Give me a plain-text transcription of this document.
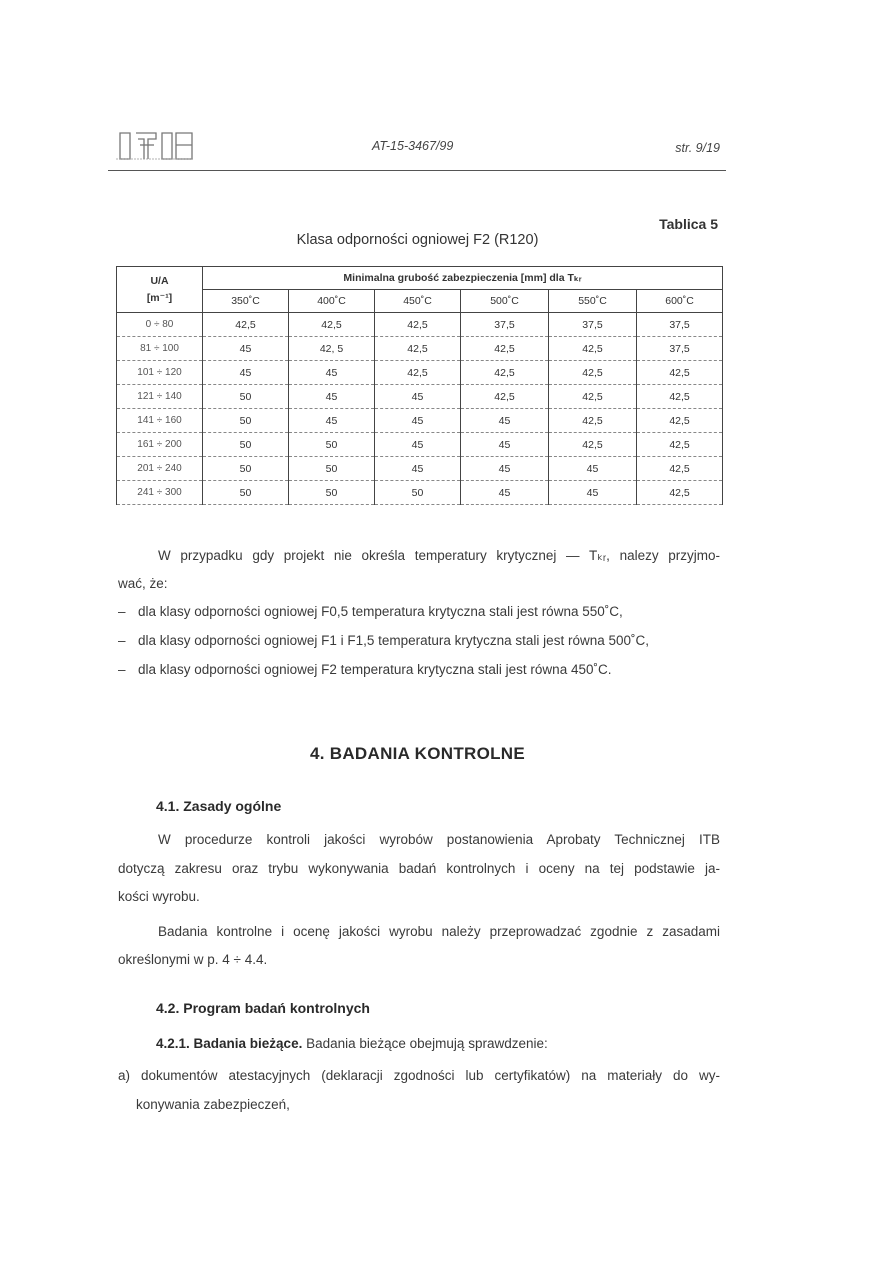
AT-15-3467/99	str. 9/19
Tablica 5
Klasa odporności ogniowej F2 (R120)
U/A
[m⁻¹]	Minimalna grubość zabezpieczenia [mm] dla Tₖᵣ					
	350˚C	400˚C	450˚C	500˚C	550˚C	600˚C
0 ÷ 80	42,5	42,5	42,5	37,5	37,5	37,5
81 ÷ 100	45	42, 5	42,5	42,5	42,5	37,5
101 ÷ 120	45	45	42,5	42,5	42,5	42,5
121 ÷ 140	50	45	45	42,5	42,5	42,5
141 ÷ 160	50	45	45	45	42,5	42,5
161 ÷ 200	50	50	45	45	42,5	42,5
201 ÷ 240	50	50	45	45	45	42,5
241 ÷ 300	50	50	50	45	45	42,5
W przypadku gdy projekt nie określa temperatury krytycznej — Tₖᵣ, nalezy przyjmo-
wać, że:
– dla klasy odporności ogniowej F0,5 temperatura krytyczna stali jest równa 550˚C,
– dla klasy odporności ogniowej F1 i F1,5 temperatura krytyczna stali jest równa 500˚C,
– dla klasy odporności ogniowej F2 temperatura krytyczna stali jest równa 450˚C.
4. BADANIA KONTROLNE
4.1. Zasady ogólne
W procedurze kontroli jakości wyrobów postanowienia Aprobaty Technicznej ITB
dotyczą zakresu oraz trybu wykonywania badań kontrolnych i oceny na tej podstawie ja-
kości wyrobu.
Badania kontrolne i ocenę jakości wyrobu należy przeprowadzać zgodnie z zasadami
określonymi w p. 4 ÷ 4.4.
4.2. Program badań kontrolnych
4.2.1. Badania bieżące. Badania bieżące obejmują sprawdzenie:
a) dokumentów atestacyjnych (deklaracji zgodności lub certyfikatów) na materiały do wy-
konywania zabezpieczeń,
